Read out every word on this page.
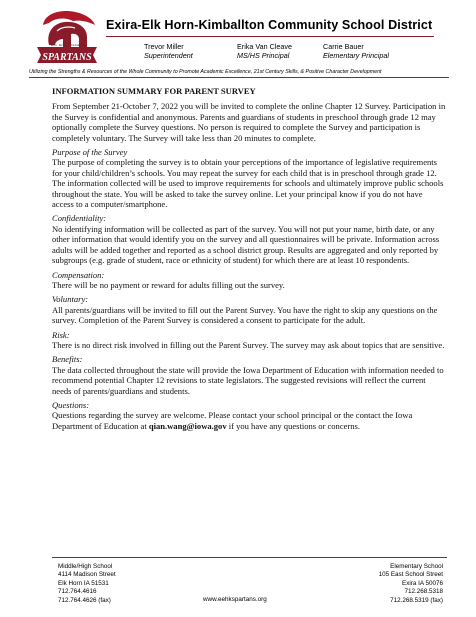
SPARTANS
Exira · Elk Horn · Kimballton
Exira-Elk Horn-Kimballton Community School District
Trevor Miller
Superintendent
Erika Van Cleave
MS/HS Principal
Carrie Bauer
Elementary Principal
Utilizing the Strengths & Resources of the Whole Community to Promote Academic Excellence, 21st Century Skills, & Positive Character Development
INFORMATION SUMMARY FOR PARENT SURVEY

From September 21-October 7, 2022 you will be invited to complete the online Chapter 12 Survey. Participation in the Survey is confidential and anonymous. Parents and guardians of students in preschool through grade 12 may optionally complete the Survey questions. No person is required to complete the Survey and participation is completely voluntary. The Survey will take less than 20 minutes to complete.

Purpose of the Survey
The purpose of completing the survey is to obtain your perceptions of the importance of legislative requirements for your child/children’s schools. You may repeat the survey for each child that is in preschool through grade 12. The information collected will be used to improve requirements for schools and ultimately improve public schools throughout the state. You will be asked to take the survey online. Let your principal know if you do not have access to a computer/smartphone.

Confidentiality:
No identifying information will be collected as part of the survey. You will not put your name, birth date, or any other information that would identify you on the survey and all questionnaires will be private. Information across adults will be added together and reported as a school district group. Results are aggregated and only reported by subgroups (e.g. grade of student, race or ethnicity of student) for which there are at least 10 respondents.

Compensation:
There will be no payment or reward for adults filling out the survey.

Voluntary:
All parents/guardians will be invited to fill out the Parent Survey. You have the right to skip any questions on the survey. Completion of the Parent Survey is considered a consent to participate for the adult.

Risk:
There is no direct risk involved in filling out the Parent Survey. The survey may ask about topics that are sensitive.

Benefits:
The data collected throughout the state will provide the Iowa Department of Education with information needed to recommend potential Chapter 12 revisions to state legislators. The suggested revisions will reflect the current needs of parents/guardians and students.

Questions:
Questions regarding the survey are welcome. Please contact your school principal or the contact the Iowa Department of Education at qian.wang@iowa.gov if you have any questions or concerns.

Middle/High School
4114 Madison Street
Elk Horn IA 51531
712.764.4616
712.764.4626 (fax)	www.eehkspartans.org
Elementary School
105 East School Street
Exira IA 50076
712.268.5318
712.268.5319 (fax)
